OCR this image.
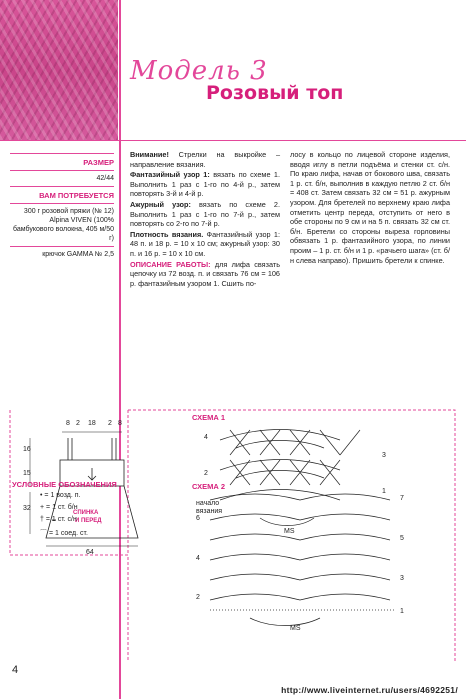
Модель 3
Розовый топ
РАЗМЕР

42/44

ВАМ ПОТРЕБУЕТСЯ

300 г розовой пряжи (№ 12) Alpina VIVEN (100% бамбукового волокна, 405 м/50 г)

крючок GAMMA № 2,5

Внимание! Стрелки на выкройке – направление вязания.

Фантазийный узор 1: вязать по схеме 1. Выполнить 1 раз с 1-го по 4-й р., затем повторять 3-й и 4-й р.

Ажурный узор: вязать по схеме 2. Выполнить 1 раз с 1-го по 7-й р., затем повторять со 2-го по 7-й р.

Плотность вязания. Фантазийный узор 1: 48 п. и 18 р. = 10 х 10 см; ажурный узор: 30 п. и 16 р. = 10 х 10 см.

ОПИСАНИЕ РАБОТЫ: для лифа связать цепочку из 72 возд. п. и связать 76 см = 106 р. фантазийным узором 1. Сшить по-

лосу в кольцо по лицевой стороне изделия, вводя иглу в петли подъёма и стенки ст. с/н. По краю лифа, начав от бокового шва, связать 1 р. ст. б/н, выполнив в каждую петлю 2 ст. б/н = 408 ст. Затем связать 32 см = 51 р. ажурным узором. Для бретелей по верхнему краю лифа отметить центр переда, отступить от него в обе стороны по 9 см и на 5 п. связать 32 см ст. б/н. Бретели со стороны выреза горловины обвязать 1 р. фантазийного узора, по линии проим – 1 р. ст. б/н и 1 р. «рачьего шага» (ст. б/н слева направо). Пришить бретели к спинке.

СПИНКА
И ПЕРЕД
8 2 18 2 8
16
15
32
64
УСЛОВНЫЕ ОБОЗНАЧЕНИЯ
• = 1 возд. п.
+ = 1 ст. б/н
† = 1 ст. с/н
⌒ = 1 соед. ст.
СХЕМА 1
4
3
2
1
начало вязания
MS
СХЕМА 2
7
6
5
4
3
2
1
MS
4
http://www.liveinternet.ru/users/4692251/
